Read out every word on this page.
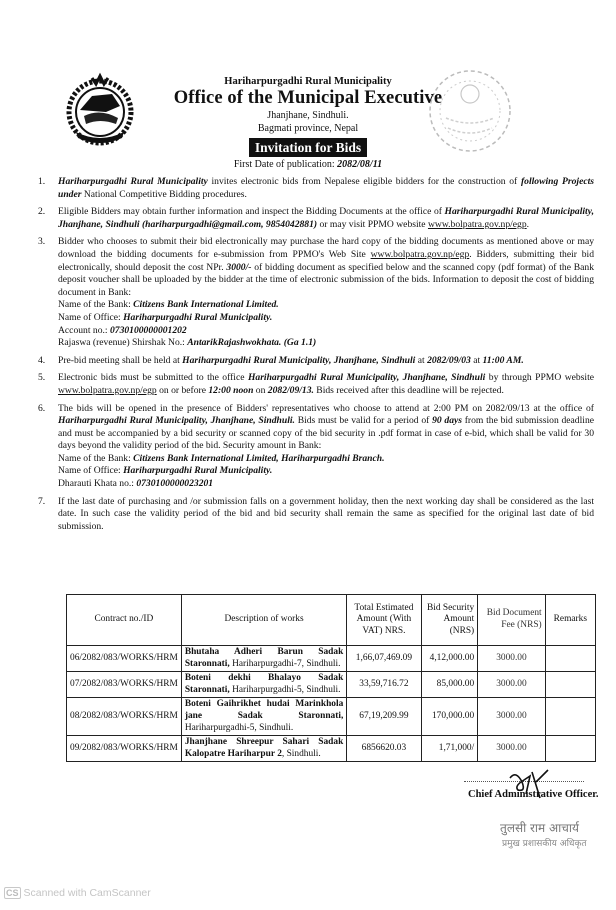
Hariharpurgadhi Rural Municipality
Office of the Municipal Executive
Jhanjhane, Sindhuli.
Bagmati province, Nepal
Invitation for Bids
First Date of publication: 2082/08/11
1.	Hariharpurgadhi Rural Municipality invites electronic bids from Nepalese eligible bidders for the construction of following Projects under National Competitive Bidding procedures.
2.	Eligible Bidders may obtain further information and inspect the Bidding Documents at the office of Hariharpurgadhi Rural Municipality, Jhanjhane, Sindhuli (hariharpurgadhi@gmail.com, 9854042881) or may visit PPMO website www.bolpatra.gov.np/egp.
3.	Bidder who chooses to submit their bid electronically may purchase the hard copy of the bidding documents as mentioned above or may download the bidding documents for e-submission from PPMO's Web Site www.bolpatra.gov.np/egp. Bidders, submitting their bid electronically, should deposit the cost NPr. 3000/- of bidding document as specified below and the scanned copy (pdf format) of the Bank deposit voucher shall be uploaded by the bidder at the time of electronic submission of the bids. Information to deposit the cost of bidding document in Bank:
Name of the Bank: Citizens Bank International Limited.
Name of Office: Hariharpurgadhi Rural Municipality.
Account no.: 0730100000001202
Rajaswa (revenue) Shirshak No.: AntarikRajashwokhata. (Ga 1.1)
4.	Pre-bid meeting shall be held at Hariharpurgadhi Rural Municipality, Jhanjhane, Sindhuli at 2082/09/03 at 11:00 AM.
5.	Electronic bids must be submitted to the office Hariharpurgadhi Rural Municipality, Jhanjhane, Sindhuli by through PPMO website www.bolpatra.gov.np/egp on or before 12:00 noon on 2082/09/13. Bids received after this deadline will be rejected.
6.	The bids will be opened in the presence of Bidders' representatives who choose to attend at 2:00 PM on 2082/09/13 at the office of Hariharpurgadhi Rural Municipality, Jhanjhane, Sindhuli. Bids must be valid for a period of 90 days from the bid submission deadline and must be accompanied by a bid security or scanned copy of the bid security in .pdf format in case of e-bid, which shall be valid for 30 days beyond the validity period of the bid. Security amount in Bank:
Name of the Bank: Citizens Bank International Limited, Hariharpurgadhi Branch.
Name of Office: Hariharpurgadhi Rural Municipality.
Dharauti Khata no.: 0730100000023201
7.	If the last date of purchasing and /or submission falls on a government holiday, then the next working day shall be considered as the last date. In such case the validity period of the bid and bid security shall remain the same as specified for the original last date of bid submission.
Contract no./ID	Description of works	Total Estimated Amount (With VAT) NRS.	Bid Security Amount (NRS)	Bid Document Fee (NRS)	Remarks
06/2082/083/WORKS/HRM	Bhutaha Adheri Barun Sadak Staronnati, Hariharpurgadhi-7, Sindhuli.	1,66,07,469.09	4,12,000.00	3000.00	
07/2082/083/WORKS/HRM	Boteni dekhi Bhalayo Sadak Staronnati, Hariharpurgadhi-5, Sindhuli.	33,59,716.72	85,000.00	3000.00	
08/2082/083/WORKS/HRM	Boteni Gaihrikhet hudai Marinkhola jane Sadak Staronnati, Hariharpurgadhi-5, Sindhuli.	67,19,209.99	170,000.00	3000.00	
09/2082/083/WORKS/HRM	Jhanjhane Shreepur Sahari Sadak Kalopatre Hariharpur 2, Sindhuli.	6856620.03	1,71,000/	3000.00	
Chief Administrative Officer.
तुलसी राम आचार्य
प्रमुख प्रशासकीय अधिकृत
CS Scanned with CamScanner
